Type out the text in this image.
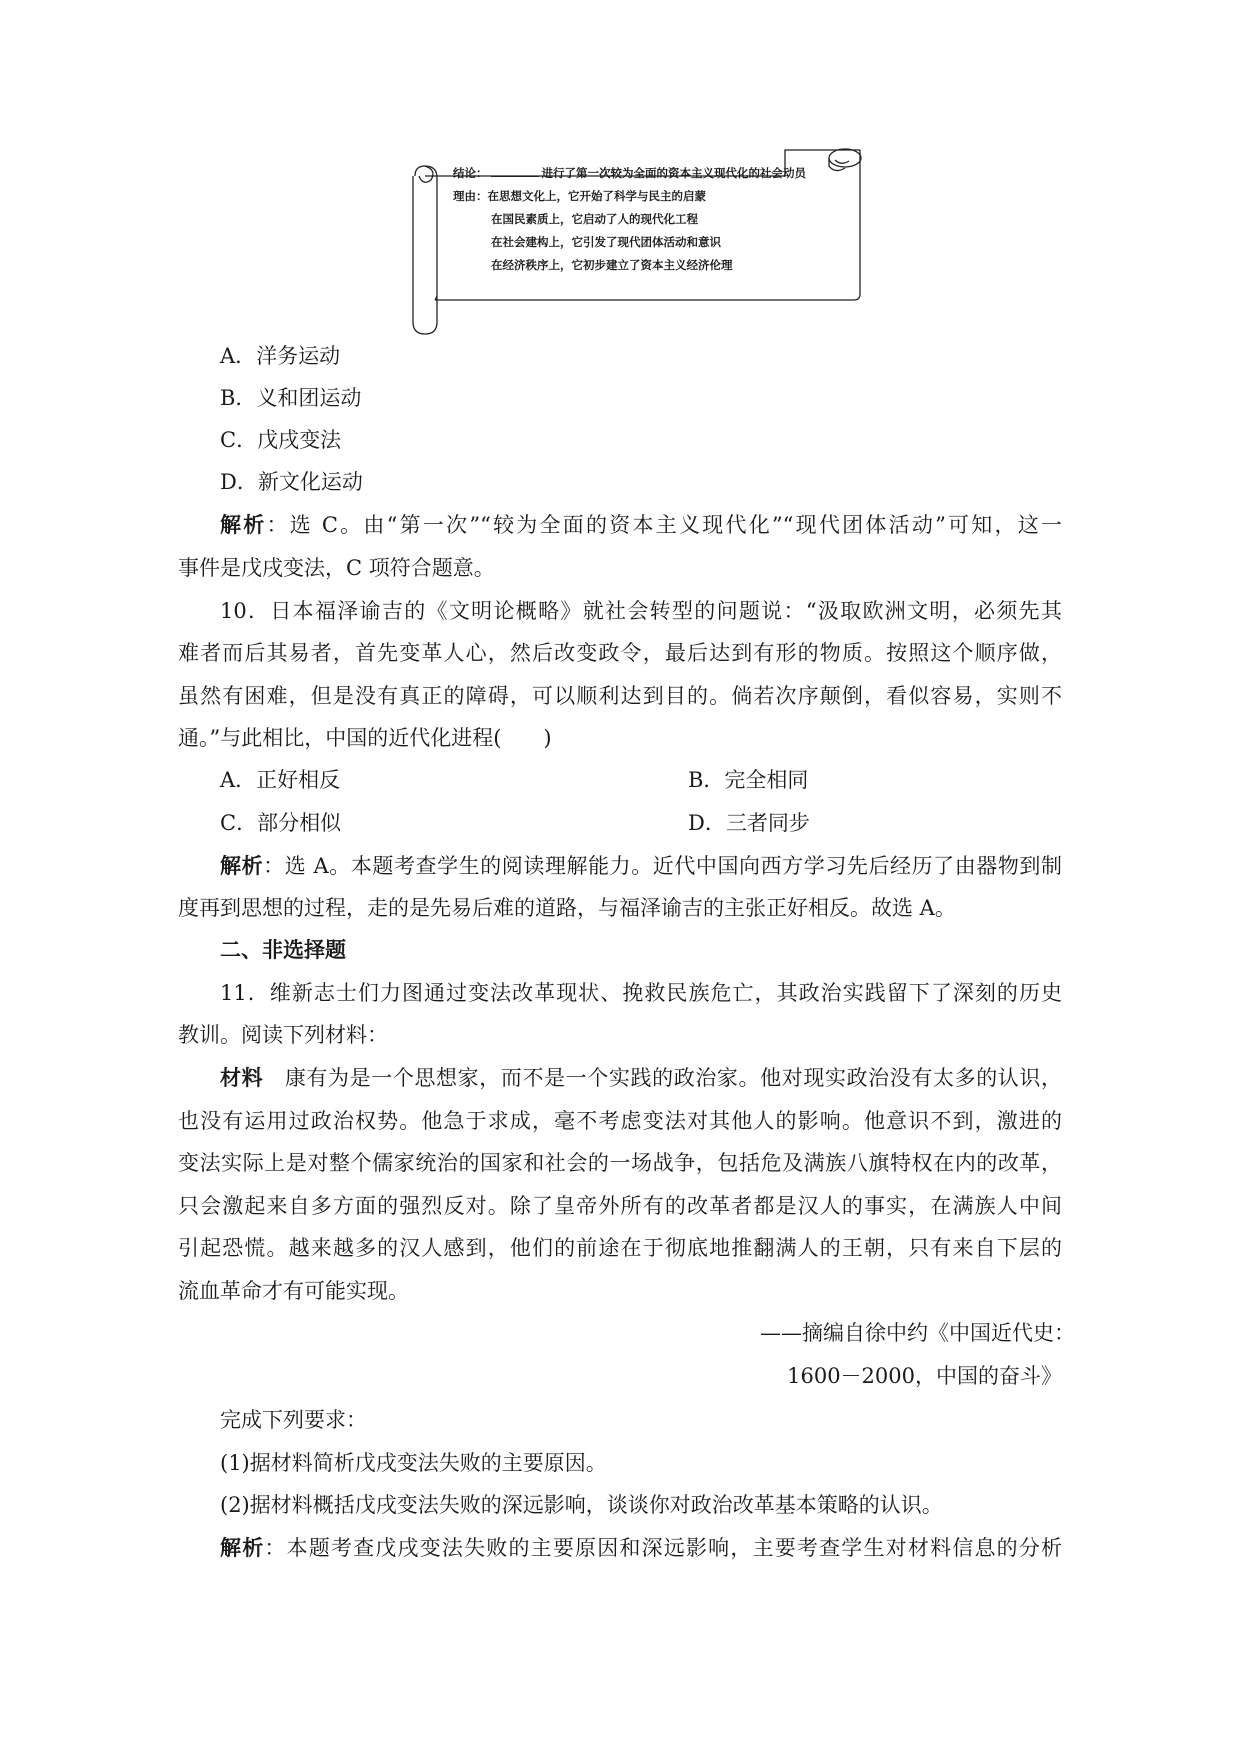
结论：	进行了第一次较为全面的资本主义现代化的社会动员
理由：在思想文化上，它开始了科学与民主的启蒙
在国民素质上，它启动了人的现代化工程
在社会建构上，它引发了现代团体活动和意识
在经济秩序上，它初步建立了资本主义经济伦理
A．洋务运动
B．义和团运动
C．戊戌变法
D．新文化运动
解析：选 C。由“第一次”“较为全面的资本主义现代化”“现代团体活动”可知，这一
事件是戊戌变法，C 项符合题意。
10．日本福泽谕吉的《文明论概略》就社会转型的问题说：“汲取欧洲文明，必须先其
难者而后其易者，首先变革人心，然后改变政令，最后达到有形的物质。按照这个顺序做，
虽然有困难，但是没有真正的障碍，可以顺利达到目的。倘若次序颠倒，看似容易，实则不
通。”与此相比，中国的近代化进程(　　)
A．正好相反	B．完全相同
C．部分相似	D．三者同步
解析：选 A。本题考查学生的阅读理解能力。近代中国向西方学习先后经历了由器物到制
度再到思想的过程，走的是先易后难的道路，与福泽谕吉的主张正好相反。故选 A。
二、非选择题
11．维新志士们力图通过变法改革现状、挽救民族危亡，其政治实践留下了深刻的历史
教训。阅读下列材料：
材料　康有为是一个思想家，而不是一个实践的政治家。他对现实政治没有太多的认识，
也没有运用过政治权势。他急于求成，毫不考虑变法对其他人的影响。他意识不到，激进的
变法实际上是对整个儒家统治的国家和社会的一场战争，包括危及满族八旗特权在内的改革，
只会激起来自多方面的强烈反对。除了皇帝外所有的改革者都是汉人的事实，在满族人中间
引起恐慌。越来越多的汉人感到，他们的前途在于彻底地推翻满人的王朝，只有来自下层的
流血革命才有可能实现。
——摘编自徐中约《中国近代史：
1600－2000，中国的奋斗》
完成下列要求：
(1)据材料简析戊戌变法失败的主要原因。
(2)据材料概括戊戌变法失败的深远影响，谈谈你对政治改革基本策略的认识。
解析：本题考查戊戌变法失败的主要原因和深远影响，主要考查学生对材料信息的分析
